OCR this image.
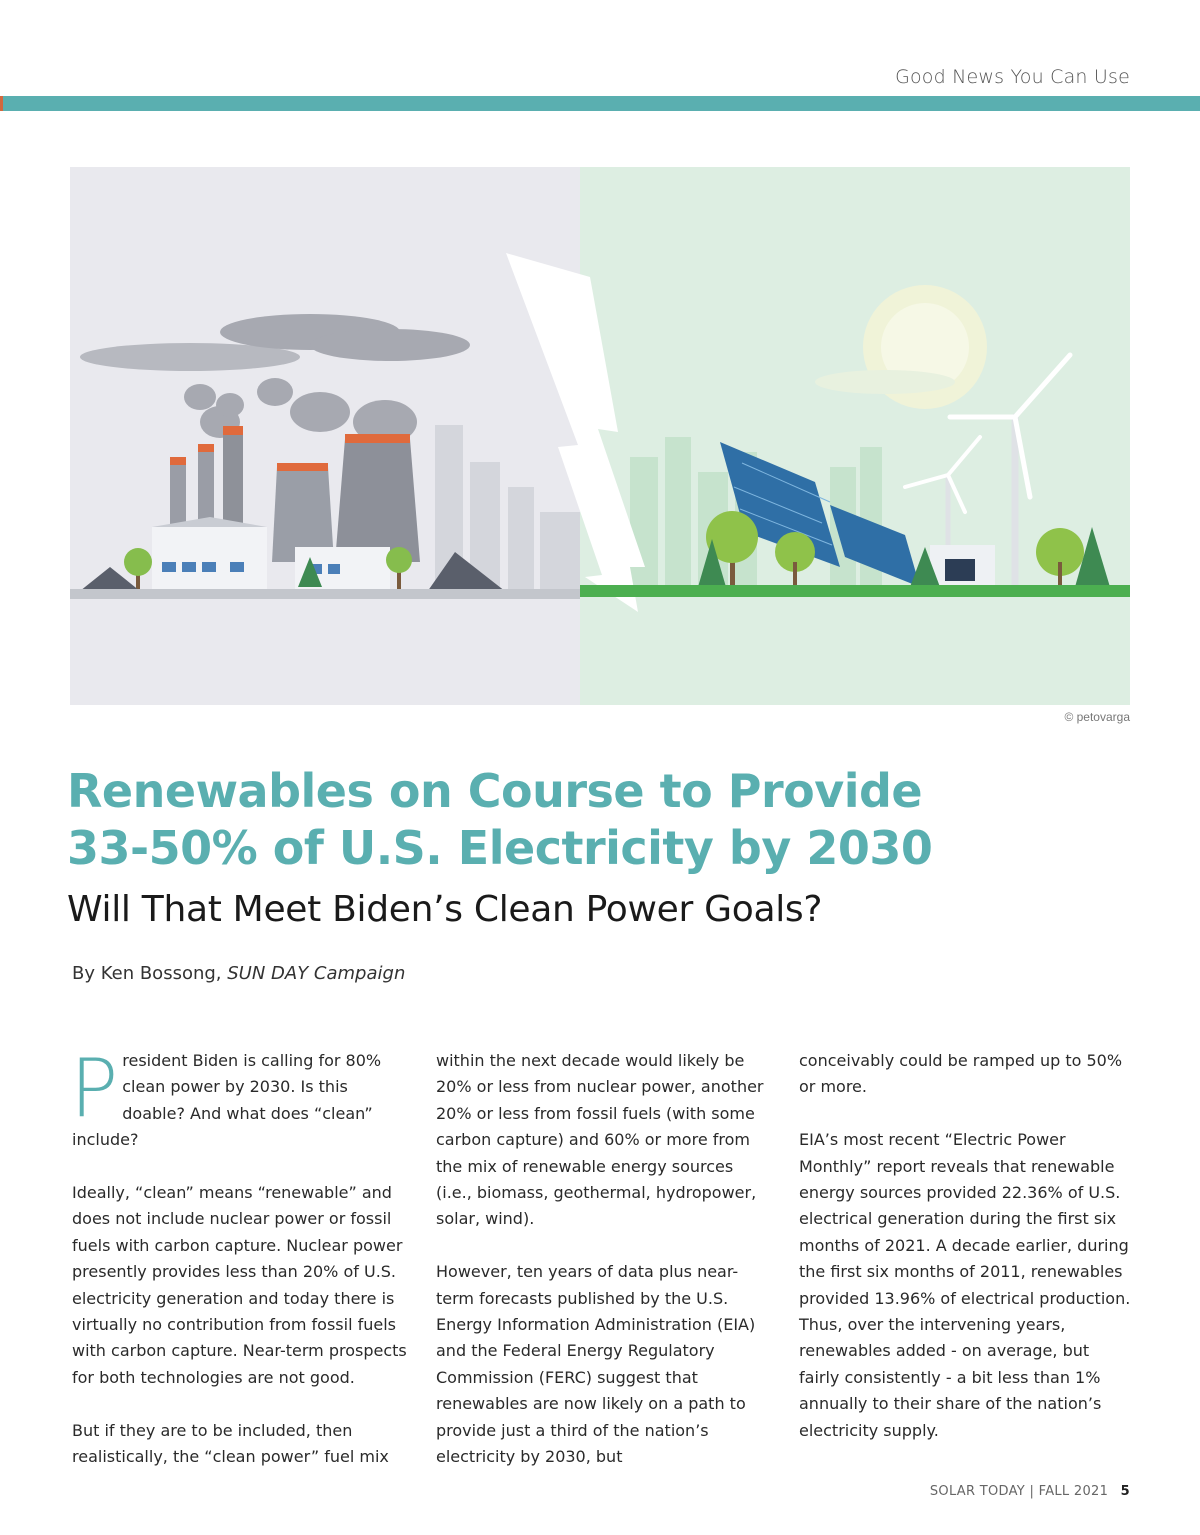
Good News You Can Use
© petovarga
Renewables on Course to Provide
33-50% of U.S. Electricity by 2030
Will That Meet Biden’s Clean Power Goals?
By Ken Bossong, SUN DAY Campaign

President Biden is calling for 80% clean power by 2030. Is this doable? And what does “clean” include?

Ideally, “clean” means “renewable” and does not include nuclear power or fossil fuels with carbon capture. Nuclear power presently provides less than 20% of U.S. electricity generation and today there is virtually no contribution from fossil fuels with carbon capture. Near-term prospects for both technologies are not good.

But if they are to be included, then realistically, the “clean power” fuel mix

within the next decade would likely be 20% or less from nuclear power, another 20% or less from fossil fuels (with some carbon capture) and 60% or more from the mix of renewable energy sources (i.e., biomass, geothermal, hydropower, solar, wind).

However, ten years of data plus near-term forecasts published by the U.S. Energy Information Administration (EIA) and the Federal Energy Regulatory Commission (FERC) suggest that renewables are now likely on a path to provide just a third of the nation’s electricity by 2030, but

conceivably could be ramped up to 50% or more.

EIA’s most recent “Electric Power Monthly” report reveals that renewable energy sources provided 22.36% of U.S. electrical generation during the first six months of 2021. A decade earlier, during the first six months of 2011, renewables provided 13.96% of electrical production. Thus, over the intervening years, renewables added - on average, but fairly consistently - a bit less than 1% annually to their share of the nation’s electricity supply.

SOLAR TODAY | FALL 2021 5
